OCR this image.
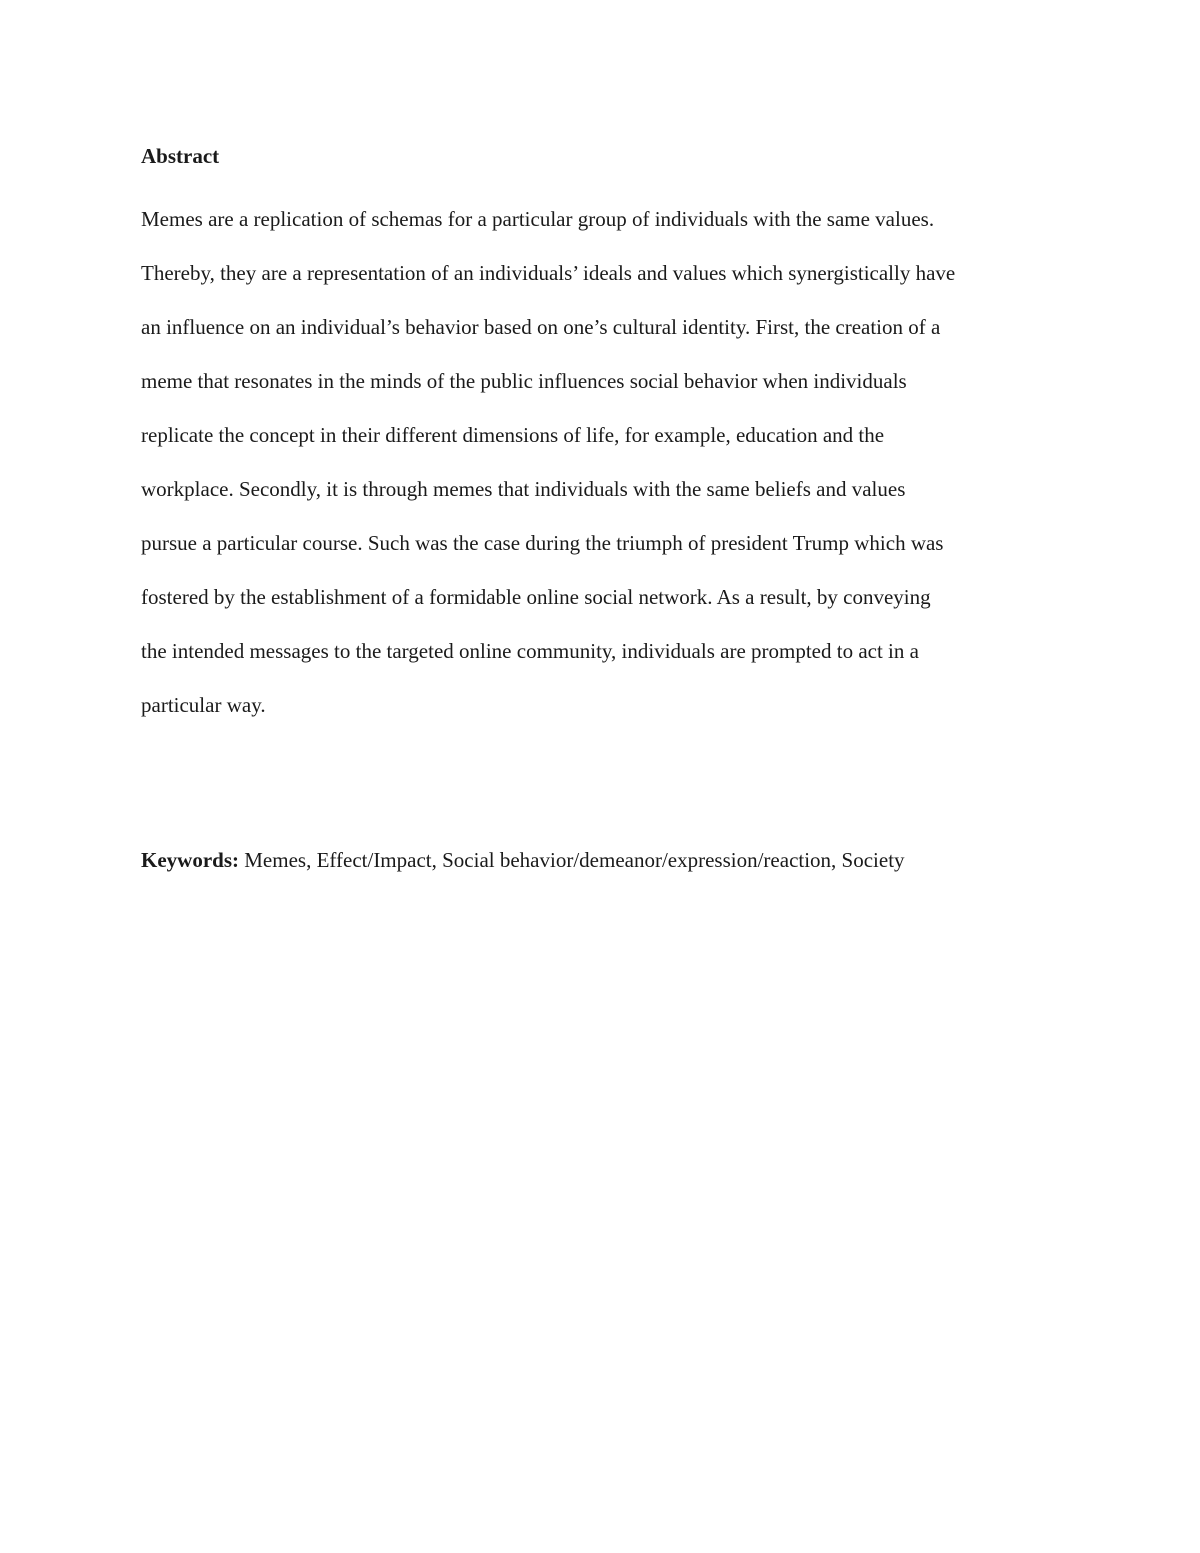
Abstract
Memes are a replication of schemas for a particular group of individuals with the same values.
Thereby, they are a representation of an individuals’ ideals and values which synergistically have
an influence on an individual’s behavior based on one’s cultural identity. First, the creation of a
meme that resonates in the minds of the public influences social behavior when individuals
replicate the concept in their different dimensions of life, for example, education and the
workplace. Secondly, it is through memes that individuals with the same beliefs and values
pursue a particular course. Such was the case during the triumph of president Trump which was
fostered by the establishment of a formidable online social network. As a result, by conveying
the intended messages to the targeted online community, individuals are prompted to act in a
particular way.
Keywords: Memes, Effect/Impact, Social behavior/demeanor/expression/reaction, Society
